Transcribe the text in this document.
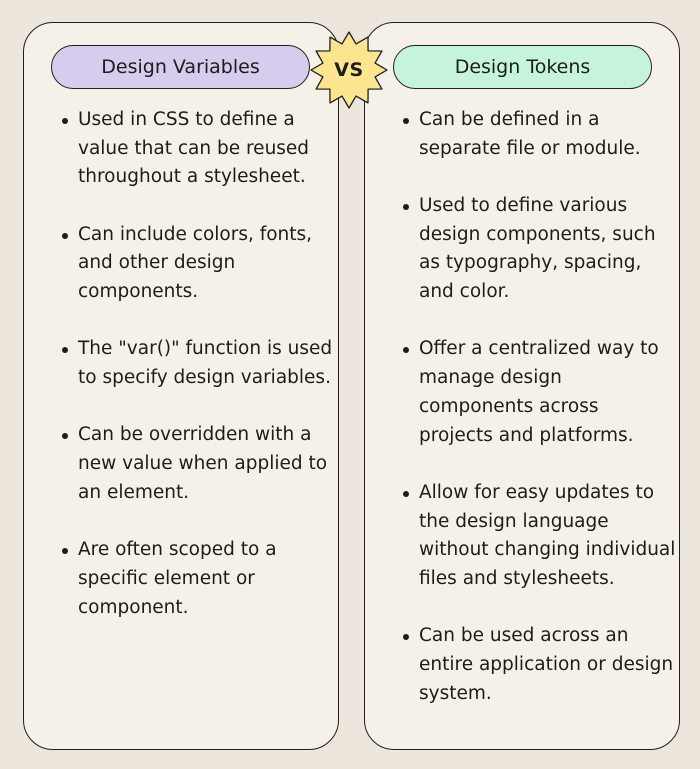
Design Variables	Design Tokens
VS
Used in CSS to define a value that can be reused throughout a stylesheet.
Can include colors, fonts, and other design components.
The "var()" function is used to specify design variables.
Can be overridden with a new value when applied to an element.
Are often scoped to a specific element or component.
Can be defined in a separate file or module.
Used to define various design components, such as typography, spacing, and color.
Offer a centralized way to manage design components across projects and platforms.
Allow for easy updates to the design language without changing individual files and stylesheets.
Can be used across an entire application or design system.
